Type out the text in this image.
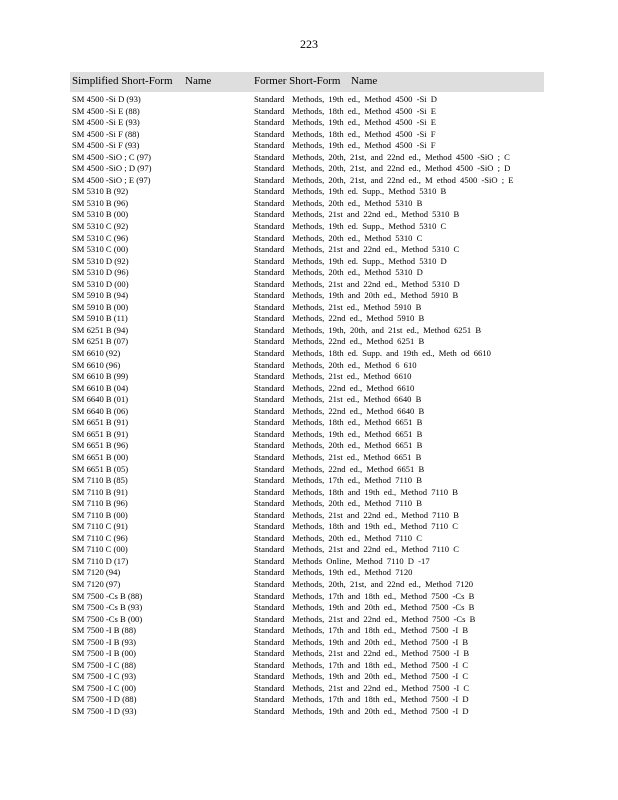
223
Simplified Short-Form Name	Former Short-Form Name
SM 4500 -Si D (93)	Standard Methods, 19th ed., Method 4500 -Si D
SM 4500 -Si E (88)	Standard Methods, 18th ed., Method 4500 -Si E
SM 4500 -Si E (93)	Standard Methods, 19th ed., Method 4500 -Si E
SM 4500 -Si F (88)	Standard Methods, 18th ed., Method 4500 -Si F
SM 4500 -Si F (93)	Standard Methods, 19th ed., Method 4500 -Si F
SM 4500 -SiO ; C (97)	Standard Methods, 20th, 21st, and 22nd ed., Method 4500 -SiO ; C
SM 4500 -SiO ; D (97)	Standard Methods, 20th, 21st, and 22nd ed., Method 4500 -SiO ; D
SM 4500 -SiO ; E (97)	Standard Methods, 20th, 21st, and 22nd ed., M ethod 4500 -SiO ; E
SM 5310 B (92)	Standard Methods, 19th ed. Supp., Method 5310 B
SM 5310 B (96)	Standard Methods, 20th ed., Method 5310 B
SM 5310 B (00)	Standard Methods, 21st and 22nd ed., Method 5310 B
SM 5310 C (92)	Standard Methods, 19th ed. Supp., Method 5310 C
SM 5310 C (96)	Standard Methods, 20th ed., Method 5310 C
SM 5310 C (00)	Standard Methods, 21st and 22nd ed., Method 5310 C
SM 5310 D (92)	Standard Methods, 19th ed. Supp., Method 5310 D
SM 5310 D (96)	Standard Methods, 20th ed., Method 5310 D
SM 5310 D (00)	Standard Methods, 21st and 22nd ed., Method 5310 D
SM 5910 B (94)	Standard Methods, 19th and 20th ed., Method 5910 B
SM 5910 B (00)	Standard Methods, 21st ed., Method 5910 B
SM 5910 B (11)	Standard Methods, 22nd ed., Method 5910 B
SM 6251 B (94)	Standard Methods, 19th, 20th, and 21st ed., Method 6251 B
SM 6251 B (07)	Standard Methods, 22nd ed., Method 6251 B
SM 6610 (92)	Standard Methods, 18th ed. Supp. and 19th ed., Meth od 6610
SM 6610 (96)	Standard Methods, 20th ed., Method 6 610
SM 6610 B (99)	Standard Methods, 21st ed., Method 6610
SM 6610 B (04)	Standard Methods, 22nd ed., Method 6610
SM 6640 B (01)	Standard Methods, 21st ed., Method 6640 B
SM 6640 B (06)	Standard Methods, 22nd ed., Method 6640 B
SM 6651 B (91)	Standard Methods, 18th ed., Method 6651 B
SM 6651 B (91)	Standard Methods, 19th ed., Method 6651 B
SM 6651 B (96)	Standard Methods, 20th ed., Method 6651 B
SM 6651 B (00)	Standard Methods, 21st ed., Method 6651 B
SM 6651 B (05)	Standard Methods, 22nd ed., Method 6651 B
SM 7110 B (85)	Standard Methods, 17th ed., Method 7110 B
SM 7110 B (91)	Standard Methods, 18th and 19th ed., Method 7110 B
SM 7110 B (96)	Standard Methods, 20th ed., Method 7110 B
SM 7110 B (00)	Standard Methods, 21st and 22nd ed., Method 7110 B
SM 7110 C (91)	Standard Methods, 18th and 19th ed., Method 7110 C
SM 7110 C (96)	Standard Methods, 20th ed., Method 7110 C
SM 7110 C (00)	Standard Methods, 21st and 22nd ed., Method 7110 C
SM 7110 D (17)	Standard Methods Online, Method 7110 D -17
SM 7120 (94)	Standard Methods, 19th ed., Method 7120
SM 7120 (97)	Standard Methods, 20th, 21st, and 22nd ed., Method 7120
SM 7500 -Cs B (88)	Standard Methods, 17th and 18th ed., Method 7500 -Cs B
SM 7500 -Cs B (93)	Standard Methods, 19th and 20th ed., Method 7500 -Cs B
SM 7500 -Cs B (00)	Standard Methods, 21st and 22nd ed., Method 7500 -Cs B
SM 7500 -I B (88)	Standard Methods, 17th and 18th ed., Method 7500 -I B
SM 7500 -I B (93)	Standard Methods, 19th and 20th ed., Method 7500 -I B
SM 7500 -I B (00)	Standard Methods, 21st and 22nd ed., Method 7500 -I B
SM 7500 -I C (88)	Standard Methods, 17th and 18th ed., Method 7500 -I C
SM 7500 -I C (93)	Standard Methods, 19th and 20th ed., Method 7500 -I C
SM 7500 -I C (00)	Standard Methods, 21st and 22nd ed., Method 7500 -I C
SM 7500 -I D (88)	Standard Methods, 17th and 18th ed., Method 7500 -I D
SM 7500 -I D (93)	Standard Methods, 19th and 20th ed., Method 7500 -I D
